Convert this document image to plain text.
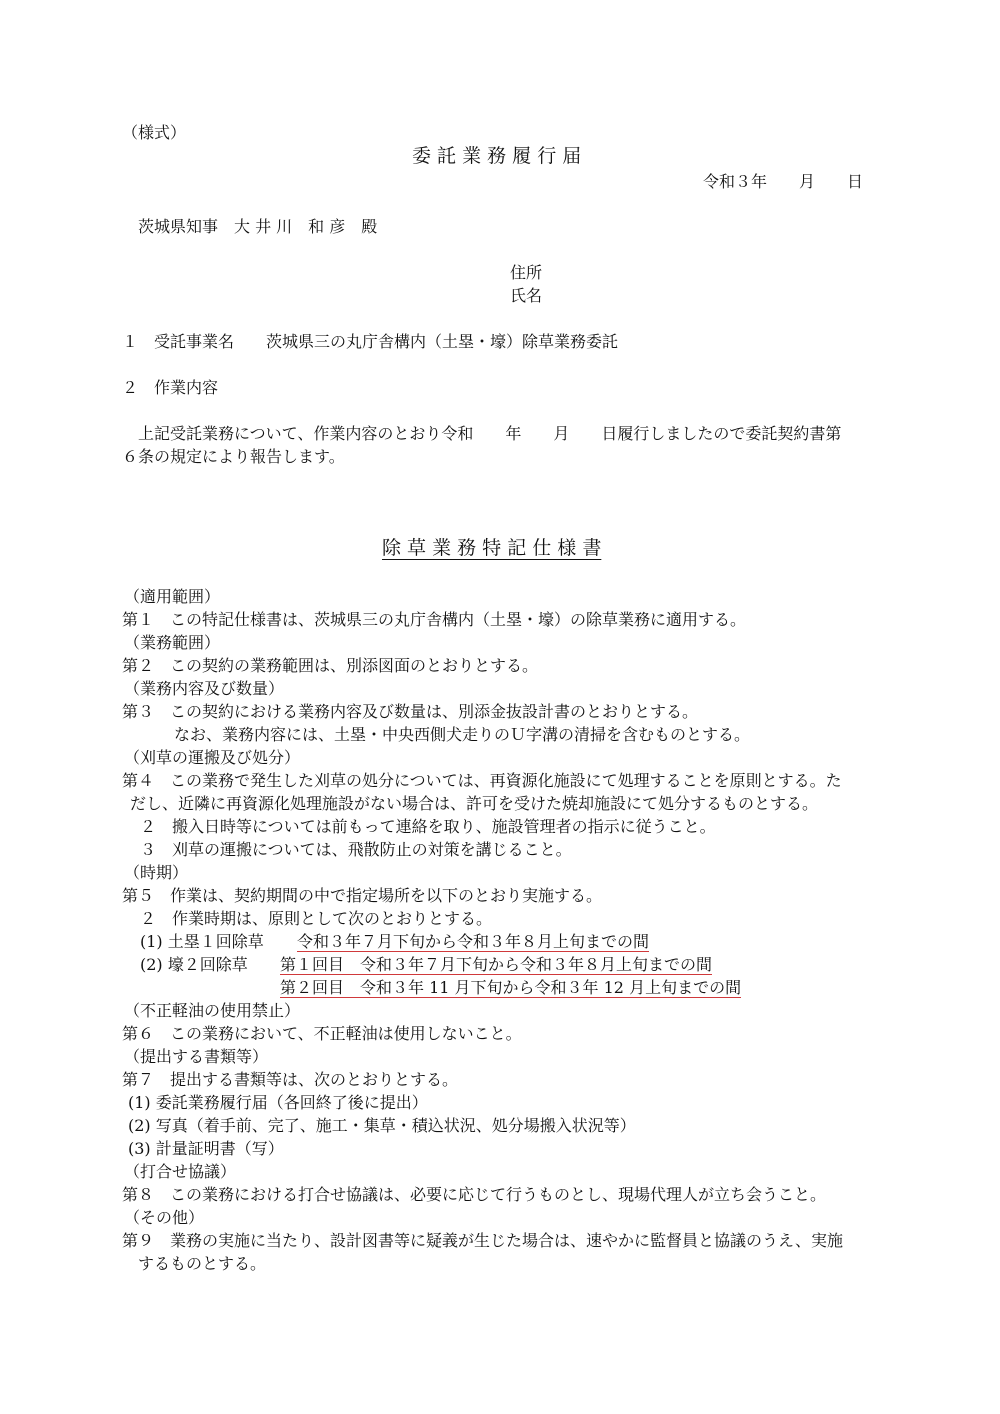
（様式）
委 託 業 務 履 行 届
令和３年　　月　　日
茨城県知事　大 井 川　和 彦　殿
住所
氏名
１　受託事業名　　茨城県三の丸庁舎構内（土塁・壕）除草業務委託
２　作業内容
上記受託業務について、作業内容のとおり令和　　年　　月　　日履行しましたので委託契約書第
６条の規定により報告します。
除 草 業 務 特 記 仕 様 書
（適用範囲）
第１　この特記仕様書は、茨城県三の丸庁舎構内（土塁・壕）の除草業務に適用する。
（業務範囲）
第２　この契約の業務範囲は、別添図面のとおりとする。
（業務内容及び数量）
第３　この契約における業務内容及び数量は、別添金抜設計書のとおりとする。
なお、業務内容には、土塁・中央西側犬走りのＵ字溝の清掃を含むものとする。
（刈草の運搬及び処分）
第４　この業務で発生した刈草の処分については、再資源化施設にて処理することを原則とする。た
だし、近隣に再資源化処理施設がない場合は、許可を受けた焼却施設にて処分するものとする。
２　搬入日時等については前もって連絡を取り、施設管理者の指示に従うこと。
３　刈草の運搬については、飛散防止の対策を講じること。
（時期）
第５　作業は、契約期間の中で指定場所を以下のとおり実施する。
２　作業時期は、原則として次のとおりとする。
(1) 土塁１回除草 令和３年７月下旬から令和３年８月上旬までの間
(2) 壕２回除草 第１回目　令和３年７月下旬から令和３年８月上旬までの間
第２回目　令和３年 11 月下旬から令和３年 12 月上旬までの間
（不正軽油の使用禁止）
第６　この業務において、不正軽油は使用しないこと。
（提出する書類等）
第７　提出する書類等は、次のとおりとする。
(1) 委託業務履行届（各回終了後に提出）
(2) 写真（着手前、完了、施工・集草・積込状況、処分場搬入状況等）
(3) 計量証明書（写）
（打合せ協議）
第８　この業務における打合せ協議は、必要に応じて行うものとし、現場代理人が立ち会うこと。
（その他）
第９　業務の実施に当たり、設計図書等に疑義が生じた場合は、速やかに監督員と協議のうえ、実施
するものとする。
